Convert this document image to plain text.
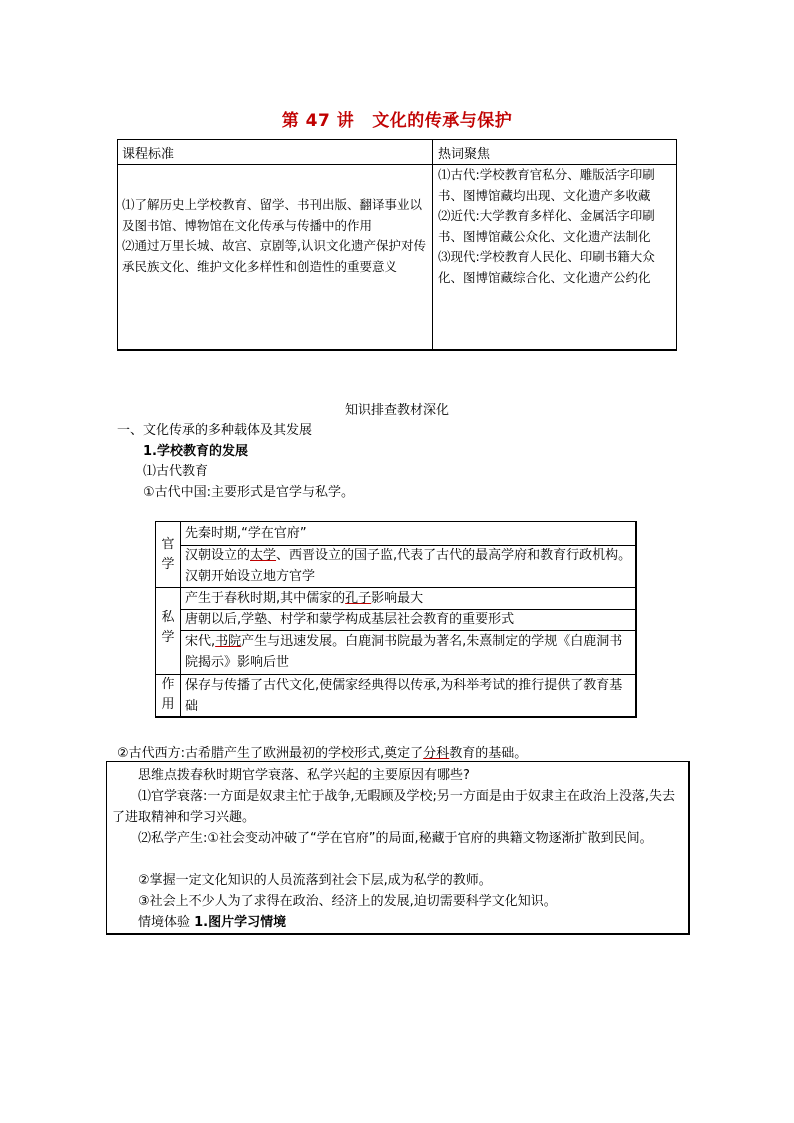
第 47 讲 文化的传承与保护
课程标准	热词聚焦
⑴了解历史上学校教育、留学、书刊出版、翻译事业以及图书馆、博物馆在文化传承与传播中的作用
⑵通过万里长城、故宫、京剧等,认识文化遗产保护对传承民族文化、维护文化多样性和创造性的重要意义
⑴古代:学校教育官私分、雕版活字印刷书、图博馆藏均出现、文化遗产多收藏
⑵近代:大学教育多样化、金属活字印刷书、图博馆藏公众化、文化遗产法制化
⑶现代:学校教育人民化、印刷书籍大众化、图博馆藏综合化、文化遗产公约化
知识排查教材深化
一、文化传承的多种载体及其发展
1.学校教育的发展
⑴古代教育
①古代中国:主要形式是官学与私学。
官学
私学
作用
先秦时期,“学在官府”
汉朝设立的太学、西晋设立的国子监,代表了古代的最高学府和教育行政机构。汉朝开始设立地方官学
产生于春秋时期,其中儒家的孔子影响最大
唐朝以后,学塾、村学和蒙学构成基层社会教育的重要形式
宋代,书院产生与迅速发展。白鹿洞书院最为著名,朱熹制定的学规《白鹿洞书院揭示》影响后世
保存与传播了古代文化,使儒家经典得以传承,为科举考试的推行提供了教育基础
②古代西方:古希腊产生了欧洲最初的学校形式,奠定了分科教育的基础。
思维点拨春秋时期官学衰落、私学兴起的主要原因有哪些?
⑴官学衰落:一方面是奴隶主忙于战争,无暇顾及学校;另一方面是由于奴隶主在政治上没落,失去了进取精神和学习兴趣。
⑵私学产生:①社会变动冲破了“学在官府”的局面,秘藏于官府的典籍文物逐渐扩散到民间。
②掌握一定文化知识的人员流落到社会下层,成为私学的教师。
③社会上不少人为了求得在政治、经济上的发展,迫切需要科学文化知识。
情境体验 1.图片学习情境
